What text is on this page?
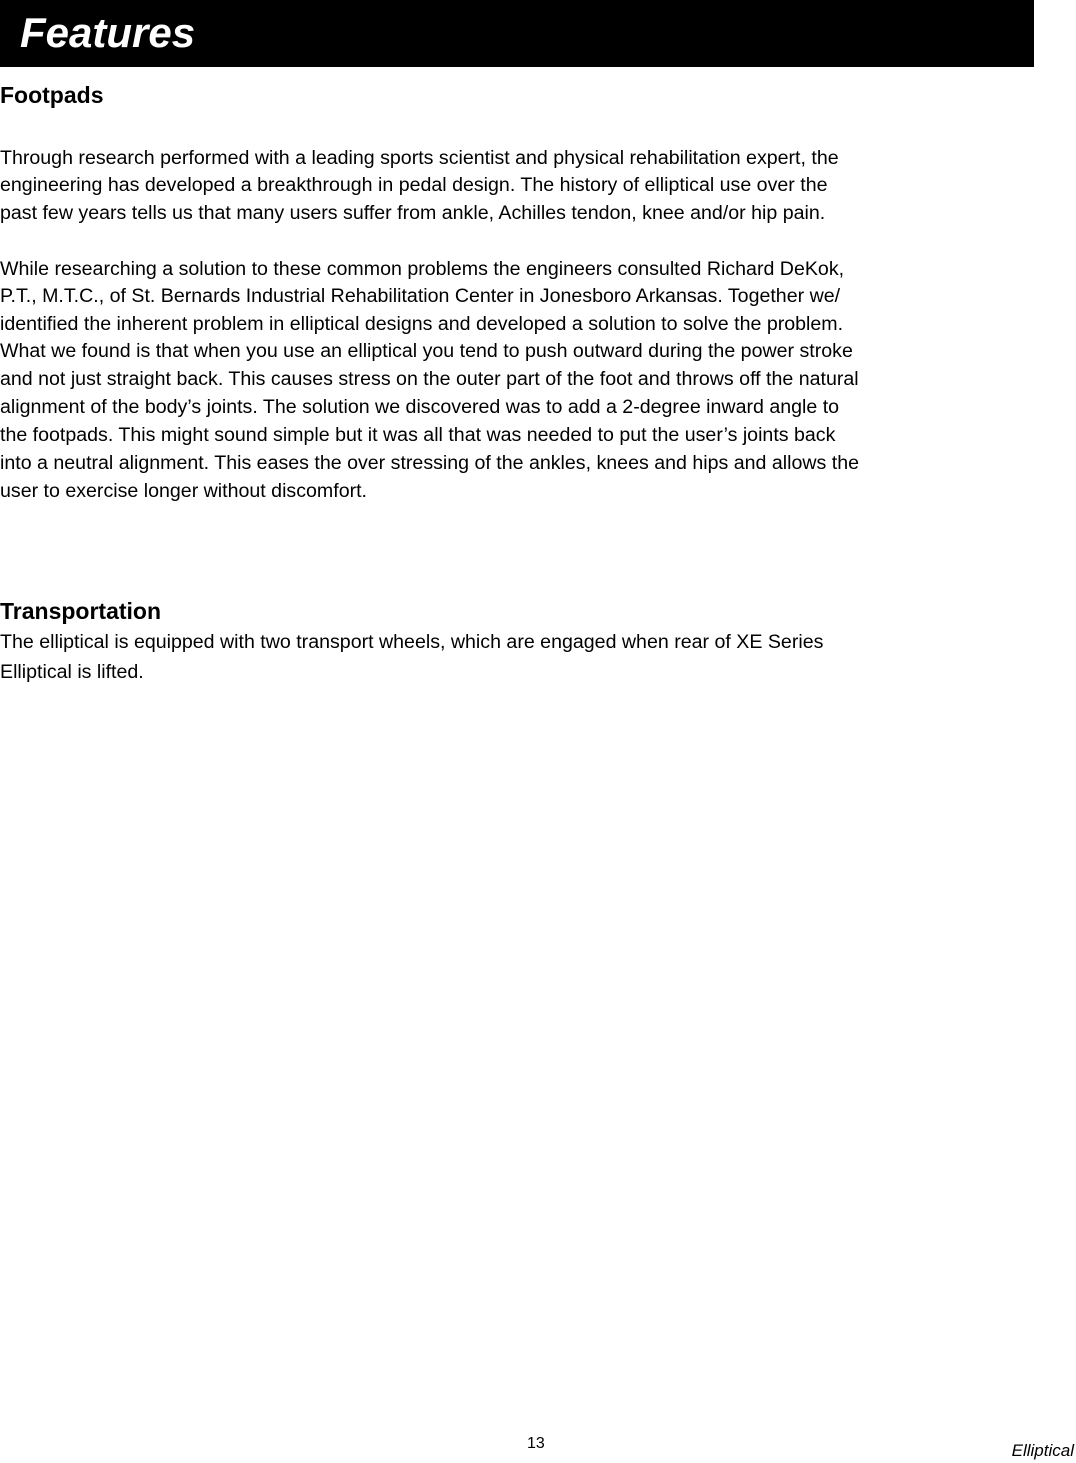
Features
Footpads
Through research performed with a leading sports scientist and physical rehabilitation expert, the
engineering has developed a breakthrough in pedal design. The history of elliptical use over the
past few years tells us that many users suffer from ankle, Achilles tendon, knee and/or hip pain.
While researching a solution to these common problems the engineers consulted Richard DeKok,
P.T., M.T.C., of St. Bernards Industrial Rehabilitation Center in Jonesboro Arkansas. Together we/
identified the inherent problem in elliptical designs and developed a solution to solve the problem.
What we found is that when you use an elliptical you tend to push outward during the power stroke
and not just straight back. This causes stress on the outer part of the foot and throws off the natural
alignment of the body’s joints. The solution we discovered was to add a 2-degree inward angle to
the footpads. This might sound simple but it was all that was needed to put the user’s joints back
into a neutral alignment. This eases the over stressing of the ankles, knees and hips and allows the
user to exercise longer without discomfort.
Transportation
The elliptical is equipped with two transport wheels, which are engaged when rear of XE Series
Elliptical is lifted.
13	Elliptical
